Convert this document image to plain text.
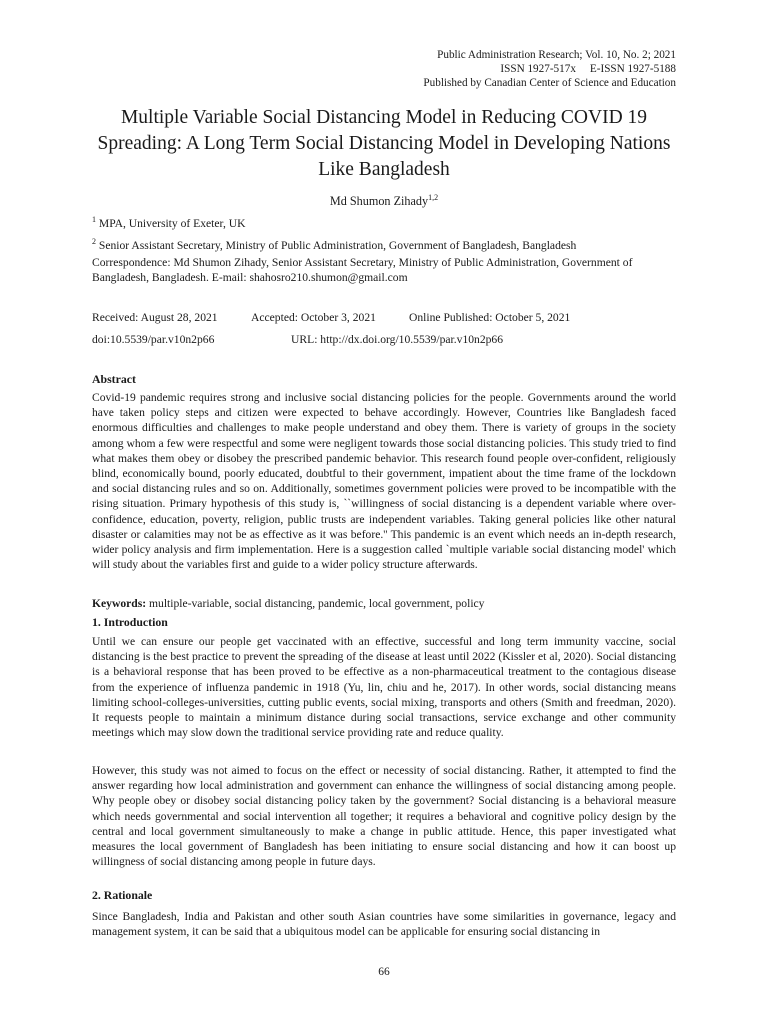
Public Administration Research; Vol. 10, No. 2; 2021
ISSN 1927-517x     E-ISSN 1927-5188
Published by Canadian Center of Science and Education
Multiple Variable Social Distancing Model in Reducing COVID 19 Spreading: A Long Term Social Distancing Model in Developing Nations Like Bangladesh
Md Shumon Zihady$^{1,2}$
$^1$ MPA, University of Exeter, UK
$^2$ Senior Assistant Secretary, Ministry of Public Administration, Government of Bangladesh, Bangladesh

Correspondence: Md Shumon Zihady, Senior Assistant Secretary, Ministry of Public Administration, Government of Bangladesh, Bangladesh. E-mail: shahosro210.shumon@gmail.com

Received: August 28, 2021	Accepted: October 3, 2021	Online Published: October 5, 2021
doi:10.5539/par.v10n2p66	URL: http://dx.doi.org/10.5539/par.v10n2p66
Abstract

Covid-19 pandemic requires strong and inclusive social distancing policies for the people. Governments around the world have taken policy steps and citizen were expected to behave accordingly. However, Countries like Bangladesh faced enormous difficulties and challenges to make people understand and obey them. There is variety of groups in the society among whom a few were respectful and some were negligent towards those social distancing policies. This study tried to find what makes them obey or disobey the prescribed pandemic behavior. This research found people over-confident, religiously blind, economically bound, poorly educated, doubtful to their government, impatient about the time frame of the lockdown and social distancing rules and so on. Additionally, sometimes government policies were proved to be incompatible with the rising situation. Primary hypothesis of this study is, ``willingness of social distancing is a dependent variable where over-confidence, education, poverty, religion, public trusts are independent variables. Taking general policies like other natural disaster or calamities may not be as effective as it was before.'' This pandemic is an event which needs an in-depth research, wider policy analysis and firm implementation. Here is a suggestion called `multiple variable social distancing model' which will study about the variables first and guide to a wider policy structure afterwards.

Keywords: multiple-variable, social distancing, pandemic, local government, policy
1. Introduction

Until we can ensure our people get vaccinated with an effective, successful and long term immunity vaccine, social distancing is the best practice to prevent the spreading of the disease at least until 2022 (Kissler et al, 2020). Social distancing is a behavioral response that has been proved to be effective as a non-pharmaceutical treatment to the contagious disease from the experience of influenza pandemic in 1918 (Yu, lin, chiu and he, 2017). In other words, social distancing means limiting school-colleges-universities, cutting public events, social mixing, transports and others (Smith and freedman, 2020). It requests people to maintain a minimum distance during social transactions, service exchange and other community meetings which may slow down the traditional service providing rate and reduce quality.

However, this study was not aimed to focus on the effect or necessity of social distancing. Rather, it attempted to find the answer regarding how local administration and government can enhance the willingness of social distancing among people. Why people obey or disobey social distancing policy taken by the government? Social distancing is a behavioral measure which needs governmental and social intervention all together; it requires a behavioral and cognitive policy design by the central and local government simultaneously to make a change in public attitude. Hence, this paper investigated what measures the local government of Bangladesh has been initiating to ensure social distancing and how it can boost up willingness of social distancing among people in future days.

2. Rationale

Since Bangladesh, India and Pakistan and other south Asian countries have some similarities in governance, legacy and management system, it can be said that a ubiquitous model can be applicable for ensuring social distancing in

66
